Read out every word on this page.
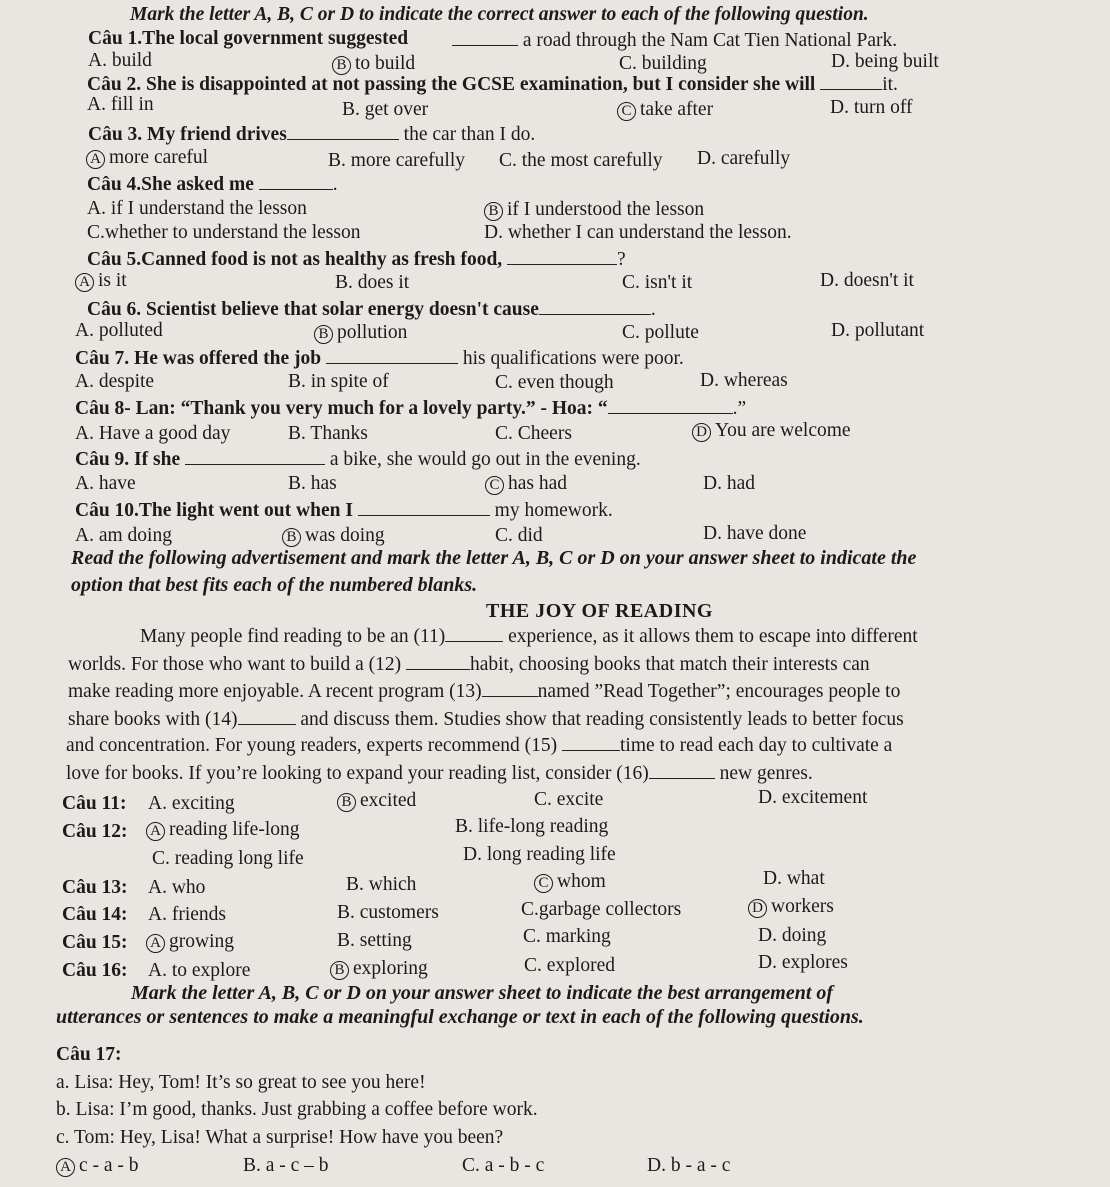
Mark the letter A, B, C or D to indicate the correct answer to each of the following question.
Câu 1.The local government suggested	a road through the Nam Cat Tien National Park.
A. build	B to build	C. building	D. being built
Câu 2. She is disappointed at not passing the GCSE examination, but I consider she will	it.
A. fill in	B. get over	C take after	D. turn off
Câu 3. My friend drives	the car than I do.
A more careful	B. more carefully C. the most carefully D. carefully
Câu 4.She asked me	.
A. if I understand the lesson	B if I understood the lesson
C.whether to understand the lesson	D. whether I can understand the lesson.
Câu 5.Canned food is not as healthy as fresh food,	?
A is it	B. does it	C. isn't it	D. doesn't it
Câu 6. Scientist believe that solar energy doesn't cause	.
A. polluted	B pollution	C. pollute	D. pollutant
Câu 7. He was offered the job	his qualifications were poor.
A. despite	B. in spite of	C. even though	D. whereas
Câu 8- Lan: “Thank you very much for a lovely party.” - Hoa: “	.”
A. Have a good day	B. Thanks	C. Cheers	D You are welcome
Câu 9. If she	a bike, she would go out in the evening.
A. have	B. has	C has had	D. had
Câu 10.The light went out when I	my homework.
A. am doing	B was doing	C. did	D. have done
Read the following advertisement and mark the letter A, B, C or D on your answer sheet to indicate the
option that best fits each of the numbered blanks.
THE JOY OF READING
Many people find reading to be an (11)	experience, as it allows them to escape into different
worlds. For those who want to build a (12)	habit, choosing books that match their interests can
make reading more enjoyable. A recent program (13)	named ”Read Together”; encourages people to
share books with (14)	and discuss them. Studies show that reading consistently leads to better focus
and concentration. For young readers, experts recommend (15)	time to read each day to cultivate a
love for books. If you’re looking to expand your reading list, consider (16)	new genres.
Câu 11: A. exciting	B excited	C. excite	D. excitement
Câu 12: A reading life-long	B. life-long reading
C. reading long life	D. long reading life
Câu 13: A. who	B. which	C whom	D. what
Câu 14: A. friends	B. customers	C.garbage collectors	D workers
Câu 15: A growing	B. setting	C. marking	D. doing
Câu 16: A. to explore	B exploring	C. explored	D. explores
Mark the letter A, B, C or D on your answer sheet to indicate the best arrangement of
utterances or sentences to make a meaningful exchange or text in each of the following questions.
Câu 17:
a. Lisa: Hey, Tom! It’s so great to see you here!
b. Lisa: I’m good, thanks. Just grabbing a coffee before work.
c. Tom: Hey, Lisa! What a surprise! How have you been?
A c - a - b	B. a - c – b	C. a - b - c	D. b - a - c
